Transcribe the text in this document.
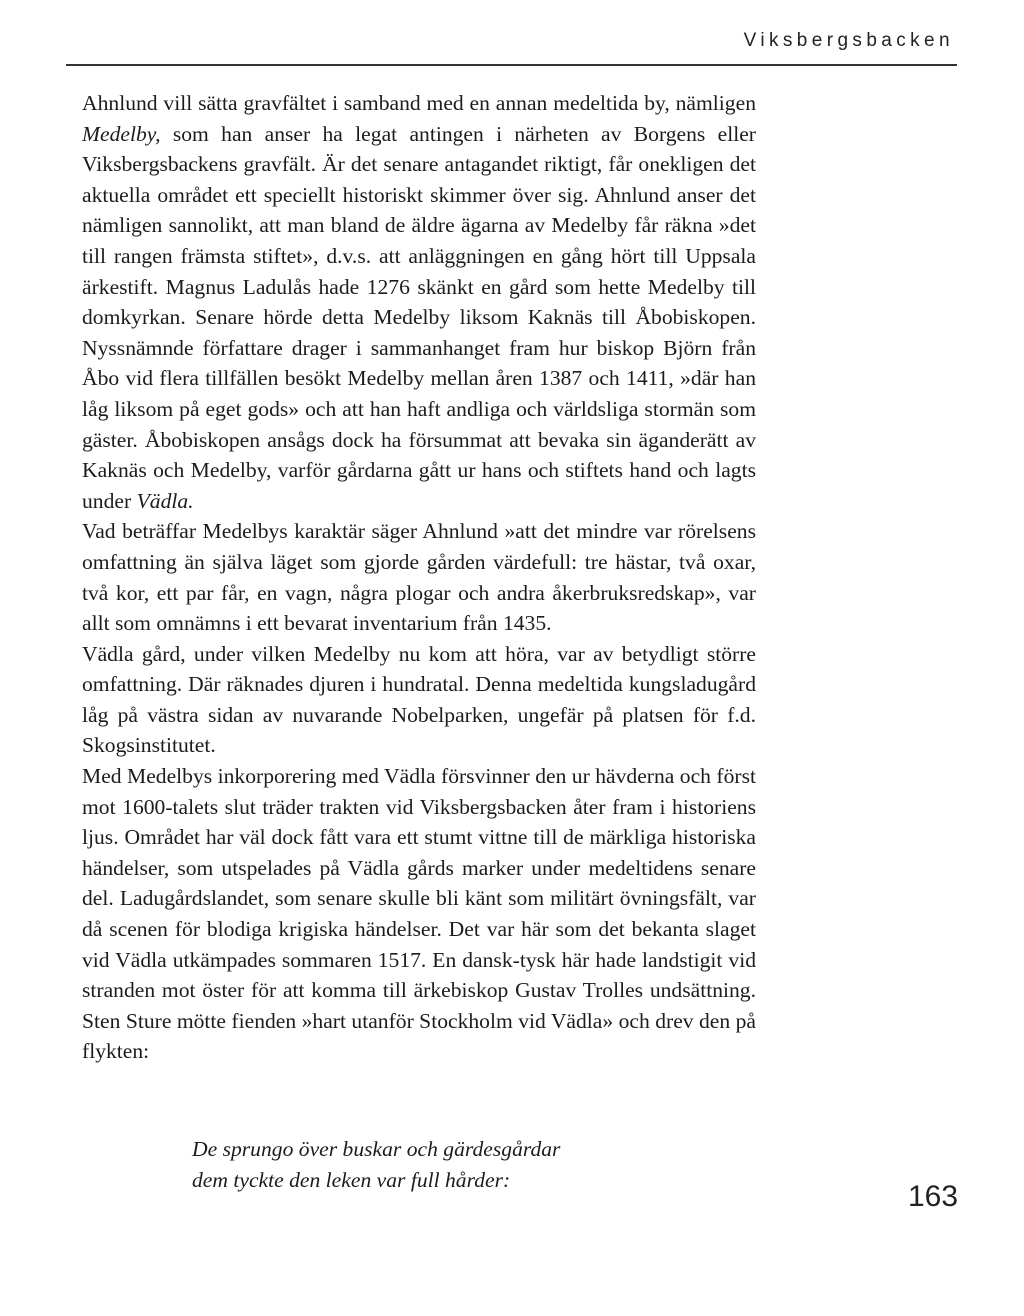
Viksbergsbacken

Ahnlund vill sätta gravfältet i samband med en annan medeltida by, nämligen Medelby, som han anser ha legat antingen i närheten av Borgens eller Viksbergsbackens gravfält. Är det senare antagandet riktigt, får onekligen det aktuella området ett speciellt historiskt skimmer över sig. Ahnlund anser det nämligen sannolikt, att man bland de äldre ägarna av Medelby får räkna »det till rangen främsta stiftet», d.v.s. att anläggningen en gång hört till Uppsala ärkestift. Magnus Ladulås hade 1276 skänkt en gård som hette Medelby till domkyrkan. Senare hörde detta Medelby liksom Kaknäs till Åbobiskopen. Nyssnämnde författare drager i sammanhanget fram hur biskop Björn från Åbo vid flera tillfällen besökt Medelby mellan åren 1387 och 1411, »där han låg liksom på eget gods» och att han haft andliga och världsliga stormän som gäster. Åbobiskopen ansågs dock ha försummat att bevaka sin äganderätt av Kaknäs och Medelby, varför gårdarna gått ur hans och stiftets hand och lagts under Vädla.

Vad beträffar Medelbys karaktär säger Ahnlund »att det mindre var rörelsens omfattning än själva läget som gjorde gården värdefull: tre hästar, två oxar, två kor, ett par får, en vagn, några plogar och andra åkerbruksredskap», var allt som omnämns i ett bevarat inventarium från 1435.

Vädla gård, under vilken Medelby nu kom att höra, var av betydligt större omfattning. Där räknades djuren i hundratal. Denna medeltida kungsladugård låg på västra sidan av nuvarande Nobelparken, ungefär på platsen för f.d. Skogsinstitutet.

Med Medelbys inkorporering med Vädla försvinner den ur hävderna och först mot 1600-talets slut träder trakten vid Viksbergsbacken åter fram i historiens ljus. Området har väl dock fått vara ett stumt vittne till de märkliga historiska händelser, som utspelades på Vädla gårds marker under medeltidens senare del. Ladugårdslandet, som senare skulle bli känt som militärt övningsfält, var då scenen för blodiga krigiska händelser. Det var här som det bekanta slaget vid Vädla utkämpades sommaren 1517. En dansk-tysk här hade landstigit vid stranden mot öster för att komma till ärkebiskop Gustav Trolles undsättning. Sten Sture mötte fienden »hart utanför Stockholm vid Vädla» och drev den på flykten:

De sprungo över buskar och gärdesgårdar
dem tyckte den leken var full hårder:
163
